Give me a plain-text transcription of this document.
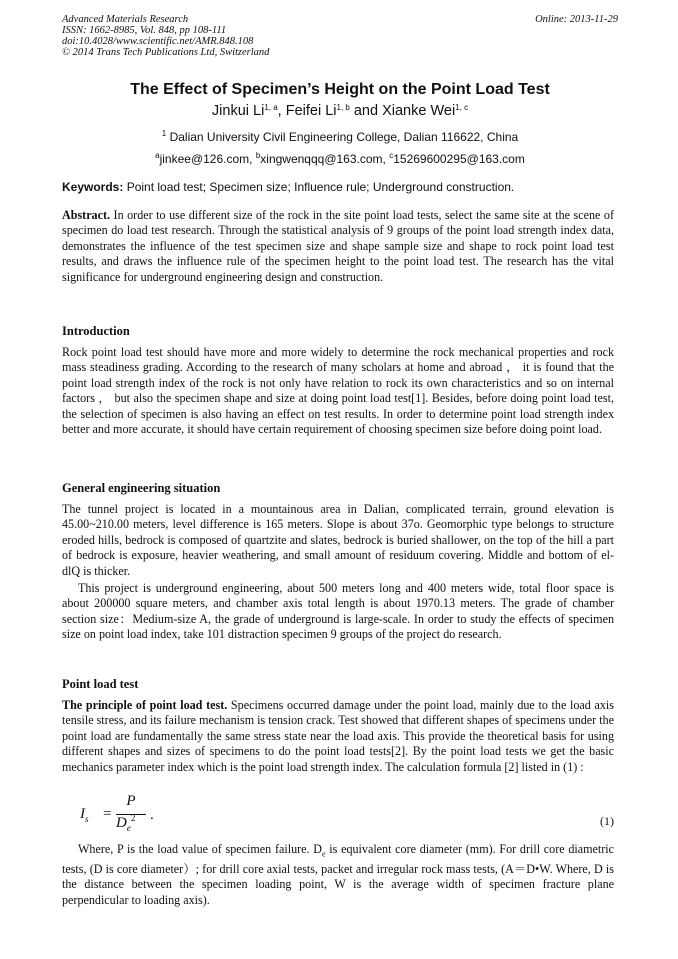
Advanced Materials Research
ISSN: 1662-8985, Vol. 848, pp 108-111
doi:10.4028/www.scientific.net/AMR.848.108
© 2014 Trans Tech Publications Ltd, Switzerland
Online: 2013-11-29
The Effect of Specimen’s Height on the Point Load Test
Jinkui Li$^{1, a}$, Feifei Li$^{1, b}$ and Xianke Wei$^{1, c}$
$^1$ Dalian University Civil Engineering College, Dalian 116622, China
$^a$jinkee@126.com, $^b$xingwenqqq@163.com, $^c$15269600295@163.com
Keywords: Point load test; Specimen size; Influence rule; Underground construction.
Abstract. In order to use different size of the rock in the site point load tests, select the same site at the scene of specimen do load test research. Through the statistical analysis of 9 groups of the point load strength index data, demonstrates the influence of the test specimen size and shape sample size and shape to rock point load test results, and draws the influence rule of the specimen height to the point load test. The research has the vital significance for underground engineering design and construction.
Introduction
Rock point load test should have more and more widely to determine the rock mechanical properties and rock mass steadiness grading. According to the research of many scholars at home and abroad ， it is found that the point load strength index of the rock is not only have relation to rock its own characteristics and so on internal factors ， but also the specimen shape and size at doing point load test[1]. Besides, before doing point load test, the selection of specimen is also having an effect on test results. In order to determine point load strength index better and more accurate, it should have certain requirement of choosing specimen size before doing point load.
General engineering situation
The tunnel project is located in a mountainous area in Dalian, complicated terrain, ground elevation is 45.00~210.00 meters, level difference is 165 meters. Slope is about 37o. Geomorphic type belongs to structure eroded hills, bedrock is composed of quartzite and slates, bedrock is buried shallower, on the top of the hill a part of bedrock is exposure, heavier weathering, and small amount of residuum covering. Middle and bottom of el-dlQ is thicker.
This project is underground engineering, about 500 meters long and 400 meters wide, total floor space is about 200000 square meters, and chamber axis total length is about 1970.13 meters. The grade of chamber section size：Medium-size A, the grade of underground is large-scale. In order to study the effects of specimen size on point load index, take 101 distraction specimen 9 groups of the project do research.
Point load test
The principle of point load test. Specimens occurred damage under the point load, mainly due to the load axis tensile stress, and its failure mechanism is tension crack. Test showed that different shapes of specimens under the point load are fundamentally the same stress state near the load axis. This provide the theoretical basis for using different shapes and sizes of specimens to do the point load tests[2]. By the point load tests we get the basic mechanics parameter index which is the point load strength index. The calculation formula [2] listed in (1) :
$I_s$ =
P
$D_e^2$ .	(1)
Where, P is the load value of specimen failure. $D_e$ is equivalent core diameter (mm). For drill core diametric tests, (D is core diameter）; for drill core axial tests, packet and irregular rock mass tests, (A＝D•W. Where, D is the distance between the specimen loading point, W is the average width of specimen fracture plane perpendicular to loading axis).
